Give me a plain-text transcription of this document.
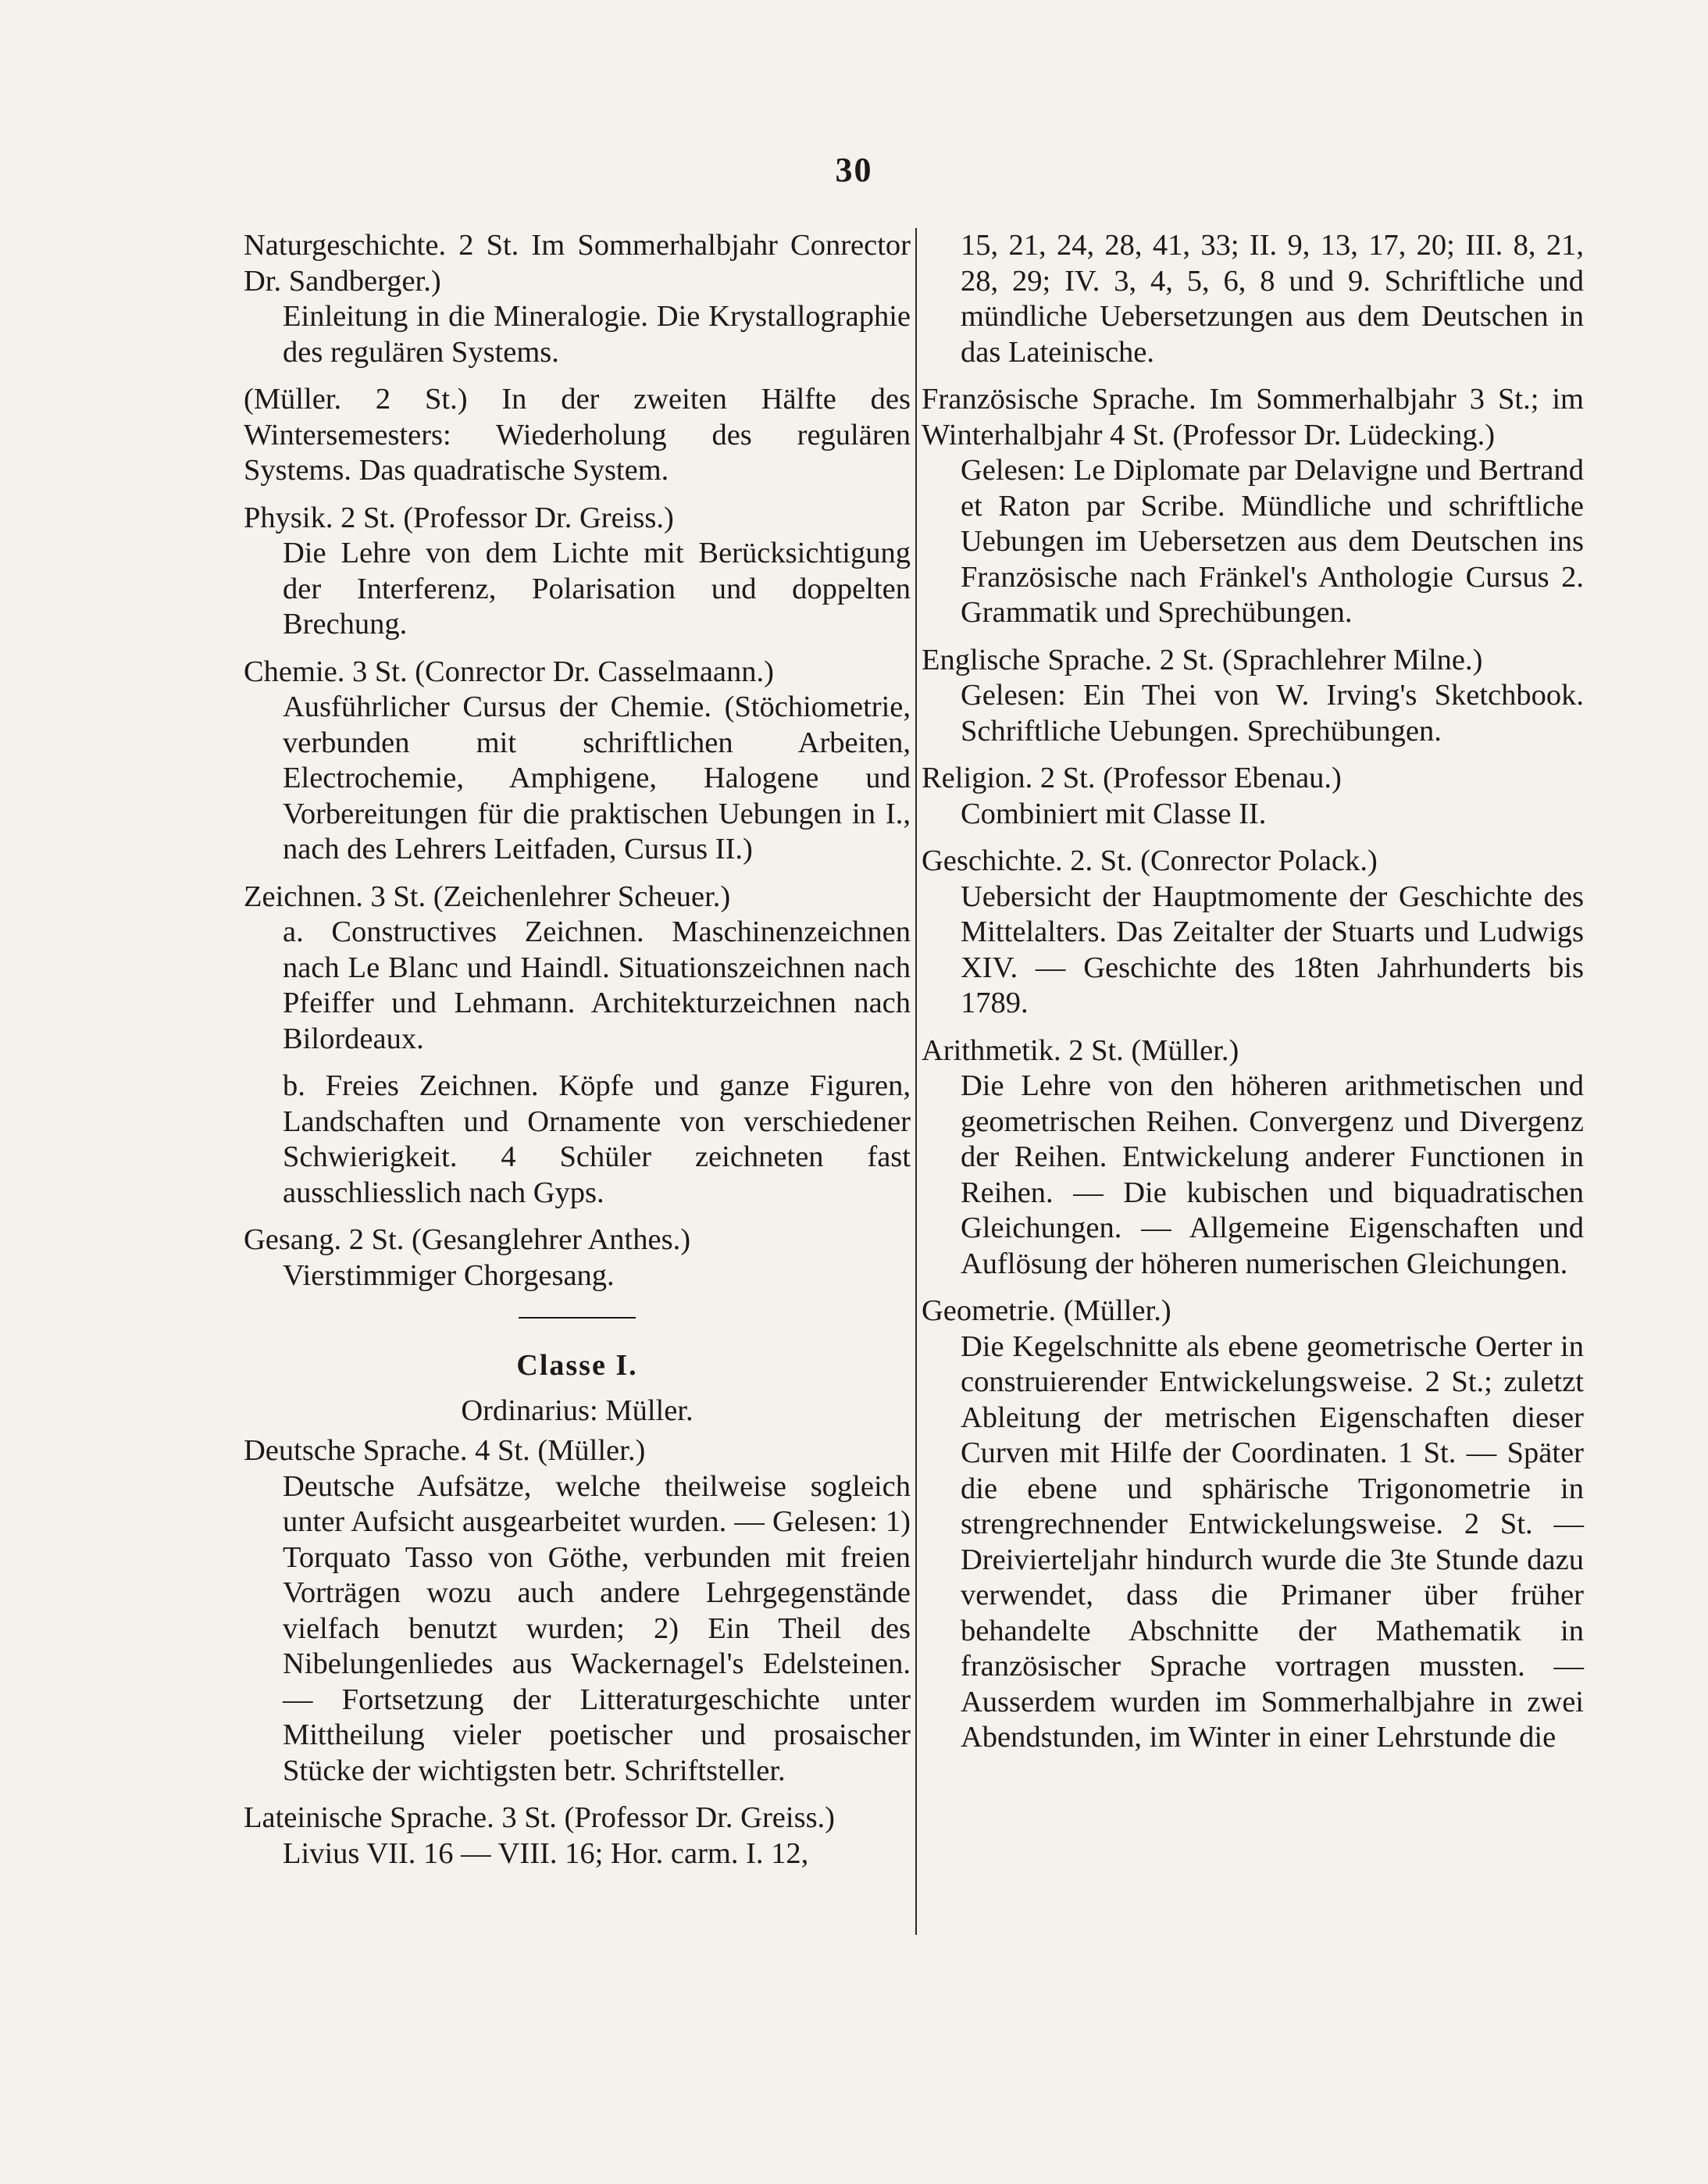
30
Naturgeschichte. 2 St. Im Sommerhalbjahr Conrector Dr. Sandberger.)
Einleitung in die Mineralogie. Die Krystallographie des regulären Systems.
(Müller. 2 St.) In der zweiten Hälfte des Wintersemesters: Wiederholung des regulären Systems. Das quadratische System.
Physik. 2 St. (Professor Dr. Greiss.)
Die Lehre von dem Lichte mit Berücksichtigung der Interferenz, Polarisation und doppelten Brechung.
Chemie. 3 St. (Conrector Dr. Casselmaann.)
Ausführlicher Cursus der Chemie. (Stöchiometrie, verbunden mit schriftlichen Arbeiten, Electrochemie, Amphigene, Halogene und Vorbereitungen für die praktischen Uebungen in I., nach des Lehrers Leitfaden, Cursus II.)
Zeichnen. 3 St. (Zeichenlehrer Scheuer.)
a. Constructives Zeichnen. Maschinenzeichnen nach Le Blanc und Haindl. Situationszeichnen nach Pfeiffer und Lehmann. Architekturzeichnen nach Bilordeaux.
b. Freies Zeichnen. Köpfe und ganze Figuren, Landschaften und Ornamente von verschiedener Schwierigkeit. 4 Schüler zeichneten fast ausschliesslich nach Gyps.
Gesang. 2 St. (Gesanglehrer Anthes.)
Vierstimmiger Chorgesang.
Classe I.
Ordinarius: Müller.
Deutsche Sprache. 4 St. (Müller.)
Deutsche Aufsätze, welche theilweise sogleich unter Aufsicht ausgearbeitet wurden. — Gelesen: 1) Torquato Tasso von Göthe, verbunden mit freien Vorträgen wozu auch andere Lehrgegenstände vielfach benutzt wurden; 2) Ein Theil des Nibelungenliedes aus Wackernagel's Edelsteinen. — Fortsetzung der Litteraturgeschichte unter Mittheilung vieler poetischer und prosaischer Stücke der wichtigsten betr. Schriftsteller.
Lateinische Sprache. 3 St. (Professor Dr. Greiss.)
Livius VII. 16 — VIII. 16; Hor. carm. I. 12,
15, 21, 24, 28, 41, 33; II. 9, 13, 17, 20; III. 8, 21, 28, 29; IV. 3, 4, 5, 6, 8 und 9. Schriftliche und mündliche Uebersetzungen aus dem Deutschen in das Lateinische.
Französische Sprache. Im Sommerhalbjahr 3 St.; im Winterhalbjahr 4 St. (Professor Dr. Lüdecking.)
Gelesen: Le Diplomate par Delavigne und Bertrand et Raton par Scribe. Mündliche und schriftliche Uebungen im Uebersetzen aus dem Deutschen ins Französische nach Fränkel's Anthologie Cursus 2. Grammatik und Sprechübungen.
Englische Sprache. 2 St. (Sprachlehrer Milne.)
Gelesen: Ein Thei von W. Irving's Sketchbook. Schriftliche Uebungen. Sprechübungen.
Religion. 2 St. (Professor Ebenau.)
Combiniert mit Classe II.
Geschichte. 2. St. (Conrector Polack.)
Uebersicht der Hauptmomente der Geschichte des Mittelalters. Das Zeitalter der Stuarts und Ludwigs XIV. — Geschichte des 18ten Jahrhunderts bis 1789.
Arithmetik. 2 St. (Müller.)
Die Lehre von den höheren arithmetischen und geometrischen Reihen. Convergenz und Divergenz der Reihen. Entwickelung anderer Functionen in Reihen. — Die kubischen und biquadratischen Gleichungen. — Allgemeine Eigenschaften und Auflösung der höheren numerischen Gleichungen.
Geometrie. (Müller.)
Die Kegelschnitte als ebene geometrische Oerter in construierender Entwickelungsweise. 2 St.; zuletzt Ableitung der metrischen Eigenschaften dieser Curven mit Hilfe der Coordinaten. 1 St. — Später die ebene und sphärische Trigonometrie in strengrechnender Entwickelungsweise. 2 St. — Dreivierteljahr hindurch wurde die 3te Stunde dazu verwendet, dass die Primaner über früher behandelte Abschnitte der Mathematik in französischer Sprache vortragen mussten. — Ausserdem wurden im Sommerhalbjahre in zwei Abendstunden, im Winter in einer Lehrstunde die
